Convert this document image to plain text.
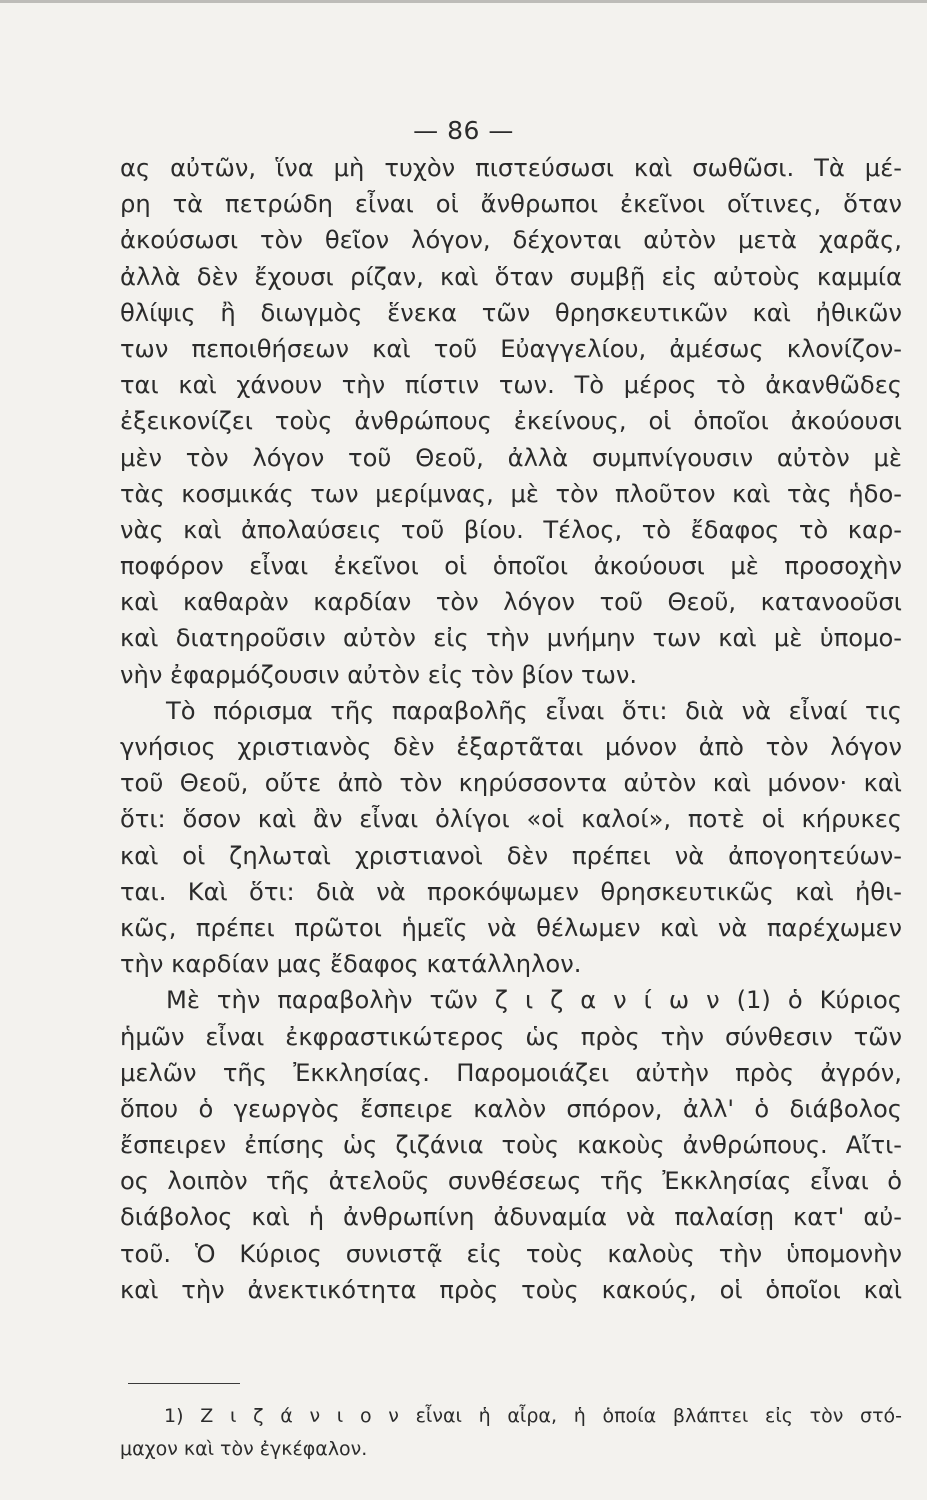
— 86 —
ας αὐτῶν, ἵνα μὴ τυχὸν πιστεύσωσι καὶ σωθῶσι. Τὰ μέ-
ρη τὰ πετρώδη εἶναι οἱ ἄνθρωποι ἐκεῖνοι οἵτινες, ὅταν
ἀκούσωσι τὸν θεῖον λόγον, δέχονται αὐτὸν μετὰ χαρᾶς,
ἀλλὰ δὲν ἔχουσι ρίζαν, καὶ ὅταν συμβῇ εἰς αὐτοὺς καμμία
θλίψις ἢ διωγμὸς ἕνεκα τῶν θρησκευτικῶν καὶ ἠθικῶν
των πεποιθήσεων καὶ τοῦ Εὐαγγελίου, ἀμέσως κλονίζον-
ται καὶ χάνουν τὴν πίστιν των. Τὸ μέρος τὸ ἀκανθῶδες
ἐξεικονίζει τοὺς ἀνθρώπους ἐκείνους, οἱ ὁποῖοι ἀκούουσι
μὲν τὸν λόγον τοῦ Θεοῦ, ἀλλὰ συμπνίγουσιν αὐτὸν μὲ
τὰς κοσμικάς των μερίμνας, μὲ τὸν πλοῦτον καὶ τὰς ἡδο-
νὰς καὶ ἀπολαύσεις τοῦ βίου. Τέλος, τὸ ἔδαφος τὸ καρ-
ποφόρον εἶναι ἐκεῖνοι οἱ ὁποῖοι ἀκούουσι μὲ προσοχὴν
καὶ καθαρὰν καρδίαν τὸν λόγον τοῦ Θεοῦ, κατανοοῦσι
καὶ διατηροῦσιν αὐτὸν εἰς τὴν μνήμην των καὶ μὲ ὑπομο-
νὴν ἐφαρμόζουσιν αὐτὸν εἰς τὸν βίον των.
Τὸ πόρισμα τῆς παραβολῆς εἶναι ὅτι: διὰ νὰ εἶναί τις
γνήσιος χριστιανὸς δὲν ἐξαρτᾶται μόνον ἀπὸ τὸν λόγον
τοῦ Θεοῦ, οὔτε ἀπὸ τὸν κηρύσσοντα αὐτὸν καὶ μόνον· καὶ
ὅτι: ὅσον καὶ ἂν εἶναι ὀλίγοι «οἱ καλοί», ποτὲ οἱ κήρυκες
καὶ οἱ ζηλωταὶ χριστιανοὶ δὲν πρέπει νὰ ἀπογοητεύων-
ται. Καὶ ὅτι: διὰ νὰ προκόψωμεν θρησκευτικῶς καὶ ἠθι-
κῶς, πρέπει πρῶτοι ἡμεῖς νὰ θέλωμεν καὶ νὰ παρέχωμεν
τὴν καρδίαν μας ἔδαφος κατάλληλον.
Μὲ τὴν παραβολὴν τῶν ζ ι ζ α ν ί ω ν (1) ὁ Κύριος
ἡμῶν εἶναι ἐκφραστικώτερος ὡς πρὸς τὴν σύνθεσιν τῶν
μελῶν τῆς Ἐκκλησίας. Παρομοιάζει αὐτὴν πρὸς ἀγρόν,
ὅπου ὁ γεωργὸς ἔσπειρε καλὸν σπόρον, ἀλλ' ὁ διάβολος
ἔσπειρεν ἐπίσης ὡς ζιζάνια τοὺς κακοὺς ἀνθρώπους. Αἴτι-
ος λοιπὸν τῆς ἀτελοῦς συνθέσεως τῆς Ἐκκλησίας εἶναι ὁ
διάβολος καὶ ἡ ἀνθρωπίνη ἀδυναμία νὰ παλαίσῃ κατ' αὐ-
τοῦ. Ὁ Κύριος συνιστᾷ εἰς τοὺς καλοὺς τὴν ὑπομονὴν
καὶ τὴν ἀνεκτικότητα πρὸς τοὺς κακούς, οἱ ὁποῖοι καὶ
1) Ζ ι ζ ά ν ι ο ν εἶναι ἡ αἶρα, ἡ ὁποία βλάπτει εἰς τὸν στό-
μαχον καὶ τὸν ἐγκέφαλον.
